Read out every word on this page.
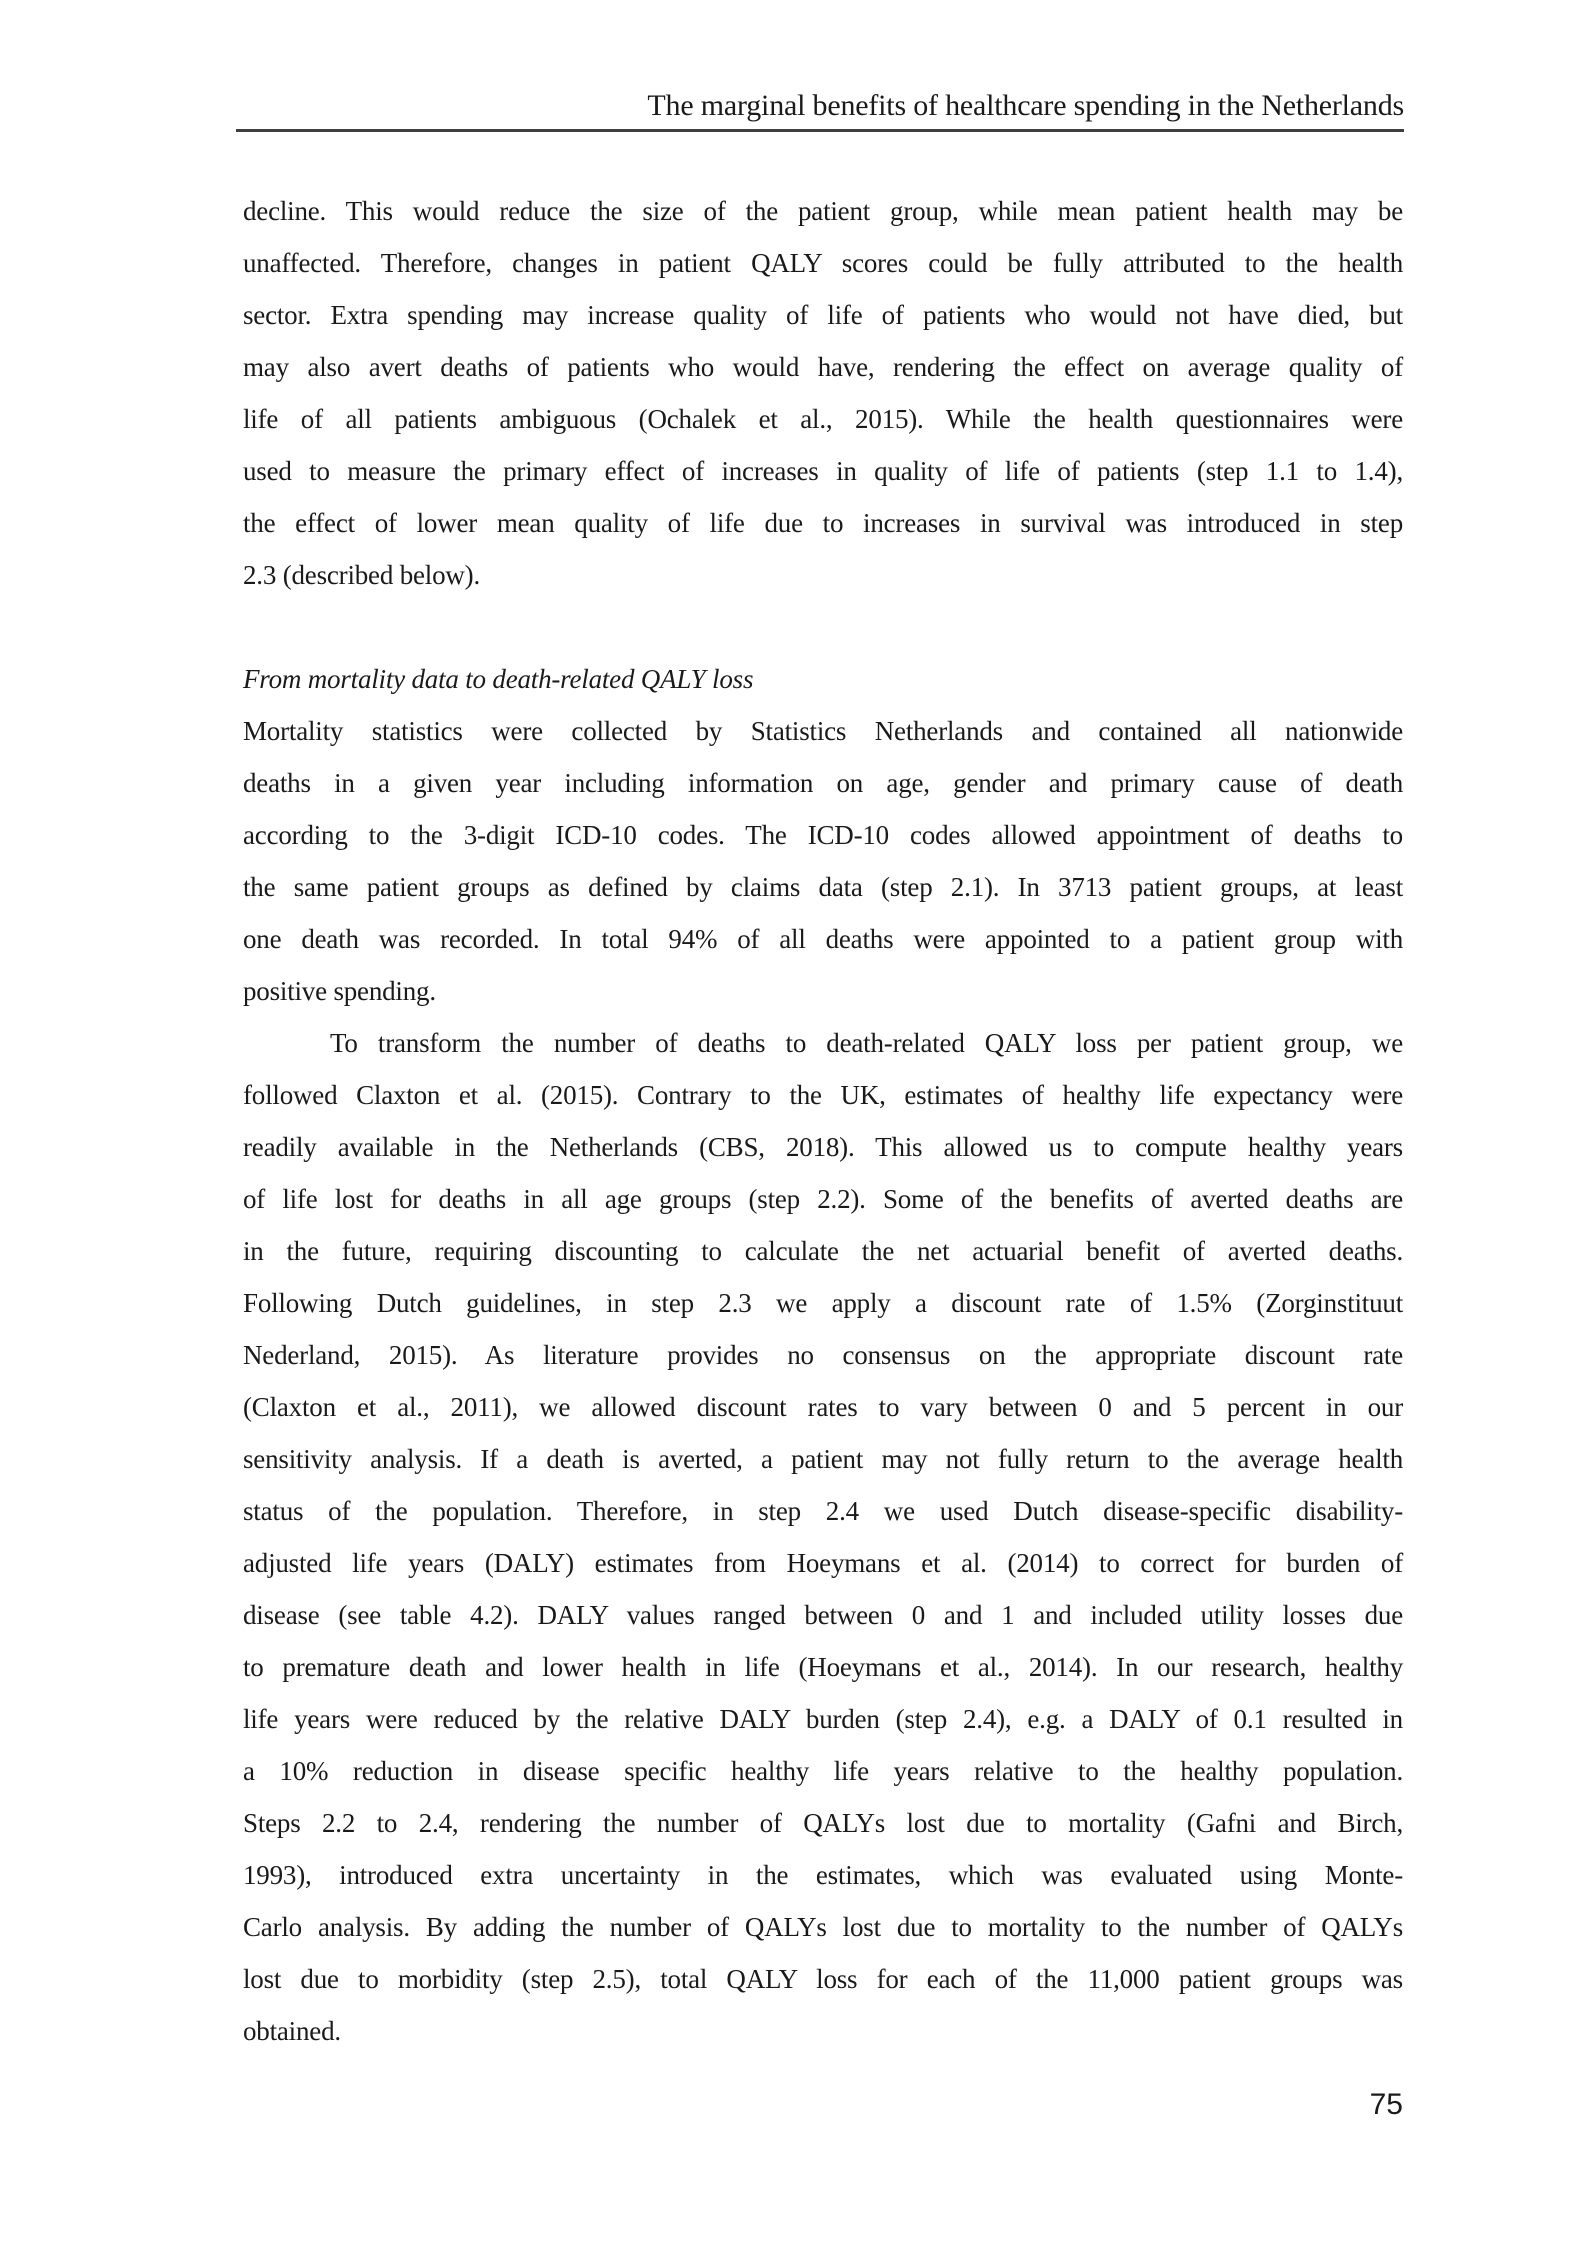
The marginal benefits of healthcare spending in the Netherlands
decline. This would reduce the size of the patient group, while mean patient health may be
unaffected. Therefore, changes in patient QALY scores could be fully attributed to the health
sector. Extra spending may increase quality of life of patients who would not have died, but
may also avert deaths of patients who would have, rendering the effect on average quality of
life of all patients ambiguous (Ochalek et al., 2015). While the health questionnaires were
used to measure the primary effect of increases in quality of life of patients (step 1.1 to 1.4),
the effect of lower mean quality of life due to increases in survival was introduced in step
2.3 (described below).
From mortality data to death-related QALY loss
Mortality statistics were collected by Statistics Netherlands and contained all nationwide
deaths in a given year including information on age, gender and primary cause of death
according to the 3-digit ICD-10 codes. The ICD-10 codes allowed appointment of deaths to
the same patient groups as defined by claims data (step 2.1). In 3713 patient groups, at least
one death was recorded. In total 94% of all deaths were appointed to a patient group with
positive spending.
To transform the number of deaths to death-related QALY loss per patient group, we
followed Claxton et al. (2015). Contrary to the UK, estimates of healthy life expectancy were
readily available in the Netherlands (CBS, 2018). This allowed us to compute healthy years
of life lost for deaths in all age groups (step 2.2). Some of the benefits of averted deaths are
in the future, requiring discounting to calculate the net actuarial benefit of averted deaths.
Following Dutch guidelines, in step 2.3 we apply a discount rate of 1.5% (Zorginstituut
Nederland, 2015). As literature provides no consensus on the appropriate discount rate
(Claxton et al., 2011), we allowed discount rates to vary between 0 and 5 percent in our
sensitivity analysis. If a death is averted, a patient may not fully return to the average health
status of the population. Therefore, in step 2.4 we used Dutch disease-specific disability-
adjusted life years (DALY) estimates from Hoeymans et al. (2014) to correct for burden of
disease (see table 4.2). DALY values ranged between 0 and 1 and included utility losses due
to premature death and lower health in life (Hoeymans et al., 2014). In our research, healthy
life years were reduced by the relative DALY burden (step 2.4), e.g. a DALY of 0.1 resulted in
a 10% reduction in disease specific healthy life years relative to the healthy population.
Steps 2.2 to 2.4, rendering the number of QALYs lost due to mortality (Gafni and Birch,
1993), introduced extra uncertainty in the estimates, which was evaluated using Monte-
Carlo analysis. By adding the number of QALYs lost due to mortality to the number of QALYs
lost due to morbidity (step 2.5), total QALY loss for each of the 11,000 patient groups was
obtained.
75
